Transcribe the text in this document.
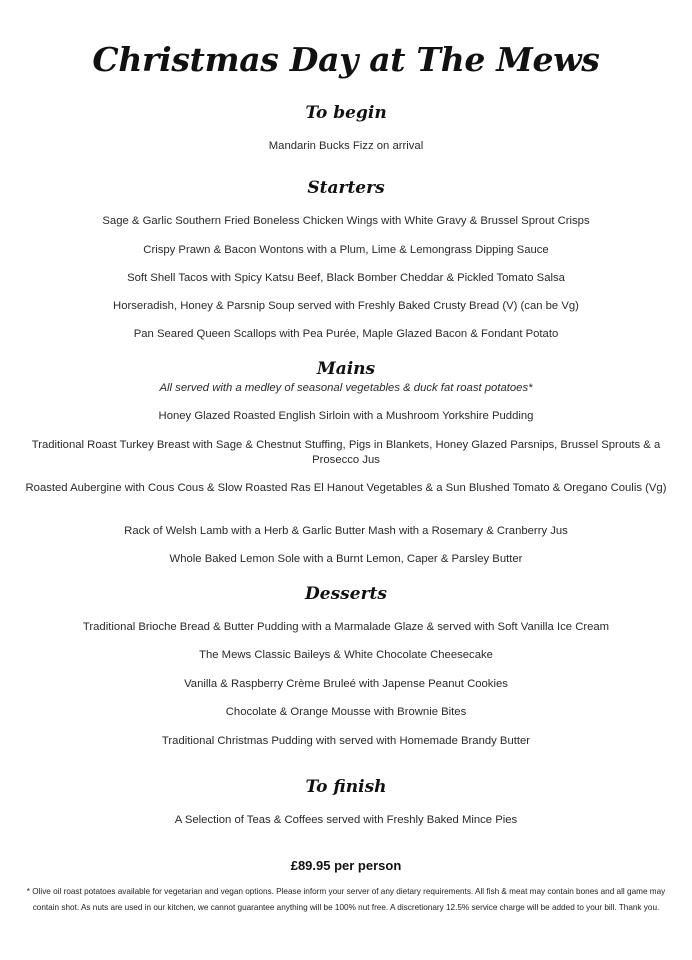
Christmas Day at The Mews
To begin
Mandarin Bucks Fizz on arrival
Starters
Sage & Garlic Southern Fried Boneless Chicken Wings with White Gravy & Brussel Sprout Crisps
Crispy Prawn & Bacon Wontons with a Plum, Lime & Lemongrass Dipping Sauce
Soft Shell Tacos with Spicy Katsu Beef, Black Bomber Cheddar & Pickled Tomato Salsa
Horseradish, Honey & Parsnip Soup served with Freshly Baked Crusty Bread (V) (can be Vg)
Pan Seared Queen Scallops with Pea Purée, Maple Glazed Bacon & Fondant Potato
Mains
All served with a medley of seasonal vegetables & duck fat roast potatoes*
Honey Glazed Roasted English Sirloin with a Mushroom Yorkshire Pudding
Traditional Roast Turkey Breast with Sage & Chestnut Stuffing, Pigs in Blankets, Honey Glazed Parsnips, Brussel Sprouts & a Prosecco Jus
Roasted Aubergine with Cous Cous & Slow Roasted Ras El Hanout Vegetables & a Sun Blushed Tomato & Oregano Coulis (Vg)
Rack of Welsh Lamb with a Herb & Garlic Butter Mash with a Rosemary & Cranberry Jus
Whole Baked Lemon Sole with a Burnt Lemon, Caper & Parsley Butter
Desserts
Traditional Brioche Bread & Butter Pudding with a Marmalade Glaze & served with Soft Vanilla Ice Cream
The Mews Classic Baileys & White Chocolate Cheesecake
Vanilla & Raspberry Crème Bruleé with Japense Peanut Cookies
Chocolate & Orange Mousse with Brownie Bites
Traditional Christmas Pudding with served with Homemade Brandy Butter
To finish
A Selection of Teas & Coffees served with Freshly Baked Mince Pies
£89.95 per person
* Olive oil roast potatoes available for vegetarian and vegan options. Please inform your server of any dietary requirements. All fish & meat may contain bones and all game may contain shot. As nuts are used in our kitchen, we cannot guarantee anything will be 100% nut free. A discretionary 12.5% service charge will be added to your bill. Thank you.
